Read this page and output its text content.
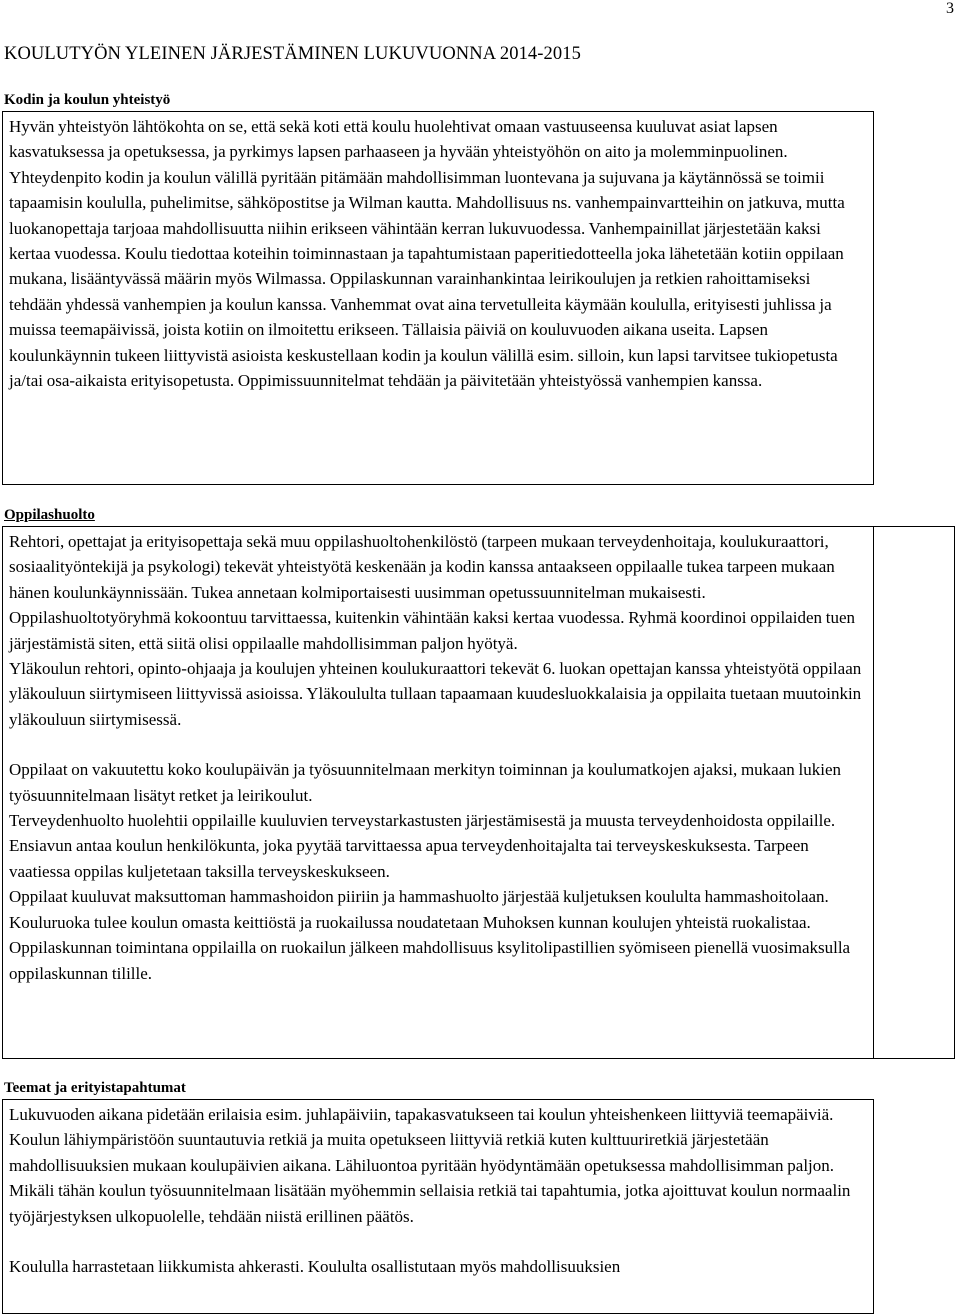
3
KOULUTYÖN YLEINEN JÄRJESTÄMINEN LUKUVUONNA 2014-2015
Kodin ja koulun yhteistyö

Hyvän yhteistyön lähtökohta on se, että sekä koti että koulu huolehtivat omaan vastuuseensa kuuluvat asiat lapsen kasvatuksessa ja opetuksessa, ja pyrkimys lapsen parhaaseen ja hyvään yhteistyöhön on aito ja molemminpuolinen. Yhteydenpito kodin ja koulun välillä pyritään pitämään mahdollisimman luontevana ja sujuvana ja käytännössä se toimii tapaamisin koululla, puhelimitse, sähköpostitse ja Wilman kautta. Mahdollisuus ns. vanhempainvartteihin on jatkuva, mutta luokanopettaja tarjoaa mahdollisuutta niihin erikseen vähintään kerran lukuvuodessa. Vanhempainillat järjestetään kaksi kertaa vuodessa. Koulu tiedottaa koteihin toiminnastaan ja tapahtumistaan paperitiedotteella joka lähetetään kotiin oppilaan mukana, lisääntyvässä määrin myös Wilmassa. Oppilaskunnan varainhankintaa leirikoulujen ja retkien rahoittamiseksi tehdään yhdessä vanhempien ja koulun kanssa. Vanhemmat ovat aina tervetulleita käymään koululla, erityisesti juhlissa ja muissa teemapäivissä, joista kotiin on ilmoitettu erikseen. Tällaisia päiviä on kouluvuoden aikana useita. Lapsen koulunkäynnin tukeen liittyvistä asioista keskustellaan kodin ja koulun välillä esim. silloin, kun lapsi tarvitsee tukiopetusta ja/tai osa-aikaista erityisopetusta. Oppimissuunnitelmat tehdään ja päivitetään yhteistyössä vanhempien kanssa.

Oppilashuolto

Rehtori, opettajat ja erityisopettaja sekä muu oppilashuoltohenkilöstö (tarpeen mukaan terveydenhoitaja, koulukuraattori, sosiaalityöntekijä ja psykologi) tekevät yhteistyötä keskenään ja kodin kanssa antaakseen oppilaalle tukea tarpeen mukaan hänen koulunkäynnissään. Tukea annetaan kolmiportaisesti uusimman opetussuunnitelman mukaisesti. Oppilashuoltotyöryhmä kokoontuu tarvittaessa, kuitenkin vähintään kaksi kertaa vuodessa. Ryhmä koordinoi oppilaiden tuen järjestämistä siten, että siitä olisi oppilaalle mahdollisimman paljon hyötyä.

Yläkoulun rehtori, opinto-ohjaaja ja koulujen yhteinen koulukuraattori tekevät 6. luokan opettajan kanssa yhteistyötä oppilaan yläkouluun siirtymiseen liittyvissä asioissa. Yläkoululta tullaan tapaamaan kuudesluokkalaisia ja oppilaita tuetaan muutoinkin yläkouluun siirtymisessä.

Oppilaat on vakuutettu koko koulupäivän ja työsuunnitelmaan merkityn toiminnan ja koulumatkojen ajaksi, mukaan lukien työsuunnitelmaan lisätyt retket ja leirikoulut.

Terveydenhuolto huolehtii oppilaille kuuluvien terveystarkastusten järjestämisestä ja muusta terveydenhoidosta oppilaille. Ensiavun antaa koulun henkilökunta, joka pyytää tarvittaessa apua terveydenhoitajalta tai terveyskeskuksesta. Tarpeen vaatiessa oppilas kuljetetaan taksilla terveyskeskukseen.

Oppilaat kuuluvat maksuttoman hammashoidon piiriin ja hammashuolto järjestää kuljetuksen koululta hammashoitolaan.

Kouluruoka tulee koulun omasta keittiöstä ja ruokailussa noudatetaan Muhoksen kunnan koulujen yhteistä ruokalistaa. Oppilaskunnan toimintana oppilailla on ruokailun jälkeen mahdollisuus ksylitolipastillien syömiseen pienellä vuosimaksulla oppilaskunnan tilille.

Teemat ja erityistapahtumat

Lukuvuoden aikana pidetään erilaisia esim. juhlapäiviin, tapakasvatukseen tai koulun yhteishenkeen liittyviä teemapäiviä. Koulun lähiympäristöön suuntautuvia retkiä ja muita opetukseen liittyviä retkiä kuten kulttuuriretkiä järjestetään mahdollisuuksien mukaan koulupäivien aikana. Lähiluontoa pyritään hyödyntämään opetuksessa mahdollisimman paljon. Mikäli tähän koulun työsuunnitelmaan lisätään myöhemmin sellaisia retkiä tai tapahtumia, jotka ajoittuvat koulun normaalin työjärjestyksen ulkopuolelle, tehdään niistä erillinen päätös.

Koululla harrastetaan liikkumista ahkerasti. Koululta osallistutaan myös mahdollisuuksien
